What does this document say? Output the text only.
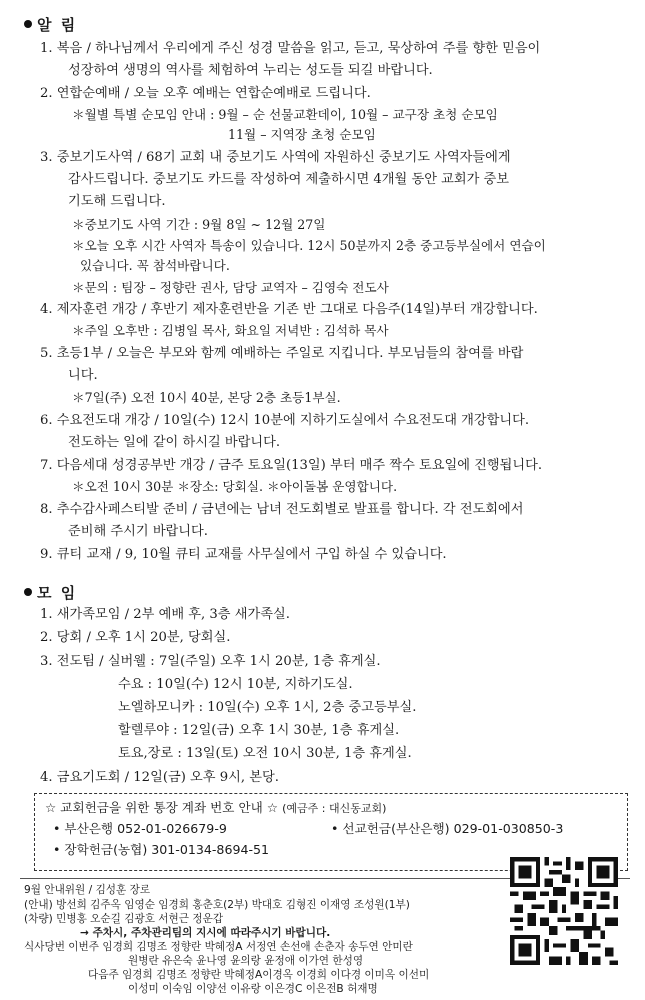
알 림
1. 복음 / 하나님께서 우리에게 주신 성경 말씀을 읽고, 듣고, 묵상하여 주를 향한 믿음이
성장하여 생명의 역사를 체험하여 누리는 성도들 되길 바랍니다.
2. 연합순예배 / 오늘 오후 예배는 연합순예배로 드립니다.
＊월별 특별 순모임 안내 : 9월 – 순 선물교환데이, 10월 – 교구장 초청 순모임
11월 – 지역장 초청 순모임
3. 중보기도사역 / 68기 교회 내 중보기도 사역에 자원하신 중보기도 사역자들에게
감사드립니다. 중보기도 카드를 작성하여 제출하시면 4개월 동안 교회가 중보
기도해 드립니다.
＊중보기도 사역 기간 : 9월 8일 ~ 12월 27일
＊오늘 오후 시간 사역자 특송이 있습니다. 12시 50분까지 2층 중고등부실에서 연습이
있습니다. 꼭 참석바랍니다.
＊문의 : 팀장 – 정향란 권사, 담당 교역자 – 김영숙 전도사
4. 제자훈련 개강 / 후반기 제자훈련반을 기존 반 그대로 다음주(14일)부터 개강합니다.
＊주일 오후반 : 김병일 목사, 화요일 저녁반 : 김석하 목사
5. 초등1부 / 오늘은 부모와 함께 예배하는 주일로 지킵니다. 부모님들의 참여를 바랍
니다.
＊7일(주) 오전 10시 40분, 본당 2층 초등1부실.
6. 수요전도대 개강 / 10일(수) 12시 10분에 지하기도실에서 수요전도대 개강합니다.
전도하는 일에 같이 하시길 바랍니다.
7. 다음세대 성경공부반 개강 / 금주 토요일(13일) 부터 매주 짝수 토요일에 진행됩니다.
＊오전 10시 30분 ＊장소: 당회실. ＊아이돌봄 운영합니다.
8. 추수감사페스티발 준비 / 금년에는 남녀 전도회별로 발표를 합니다. 각 전도회에서
준비해 주시기 바랍니다.
9. 큐티 교재 / 9, 10월 큐티 교재를 사무실에서 구입 하실 수 있습니다.
모 임
1. 새가족모임 / 2부 예배 후, 3층 새가족실.
2. 당회 / 오후 1시 20분, 당회실.
3. 전도팀 / 실버웰 : 7일(주일) 오후 1시 20분, 1층 휴게실.
수요 : 10일(수) 12시 10분, 지하기도실.
노엘하모니카 : 10일(수) 오후 1시, 2층 중고등부실.
할렐루야 : 12일(금) 오후 1시 30분, 1층 휴게실.
토요,장로 : 13일(토) 오전 10시 30분, 1층 휴게실.
4. 금요기도회 / 12일(금) 오후 9시, 본당.
☆ 교회헌금을 위한 통장 계좌 번호 안내 ☆ (예금주 : 대신동교회)
• 부산은행 052-01-026679-9	• 선교헌금(부산은행) 029-01-030850-3
• 장학헌금(농협) 301-0134-8694-51
9월 안내위원 / 김성훈 장로
(안내) 방선희 김주옥 임영순 임경희 홍춘호(2부) 박대호 김형진 이재영 조성원(1부)
(차량) 민병홍 오순길 김광호 서현근 정운갑
→ 주차시, 주차관리팀의 지시에 따라주시기 바랍니다.
식사당번 이번주 임경희 김명조 정향란 박혜정A 서정연 손선애 손춘자 송두연 안미란
원병란 유은숙 윤나영 윤의랑 윤정애 이가연 한성영
다음주 임경희 김명조 정향란 박혜정A이경옥 이경희 이다경 이미옥 이선미
이성미 이숙임 이양선 이유랑 이은경C 이은전B 허재명
